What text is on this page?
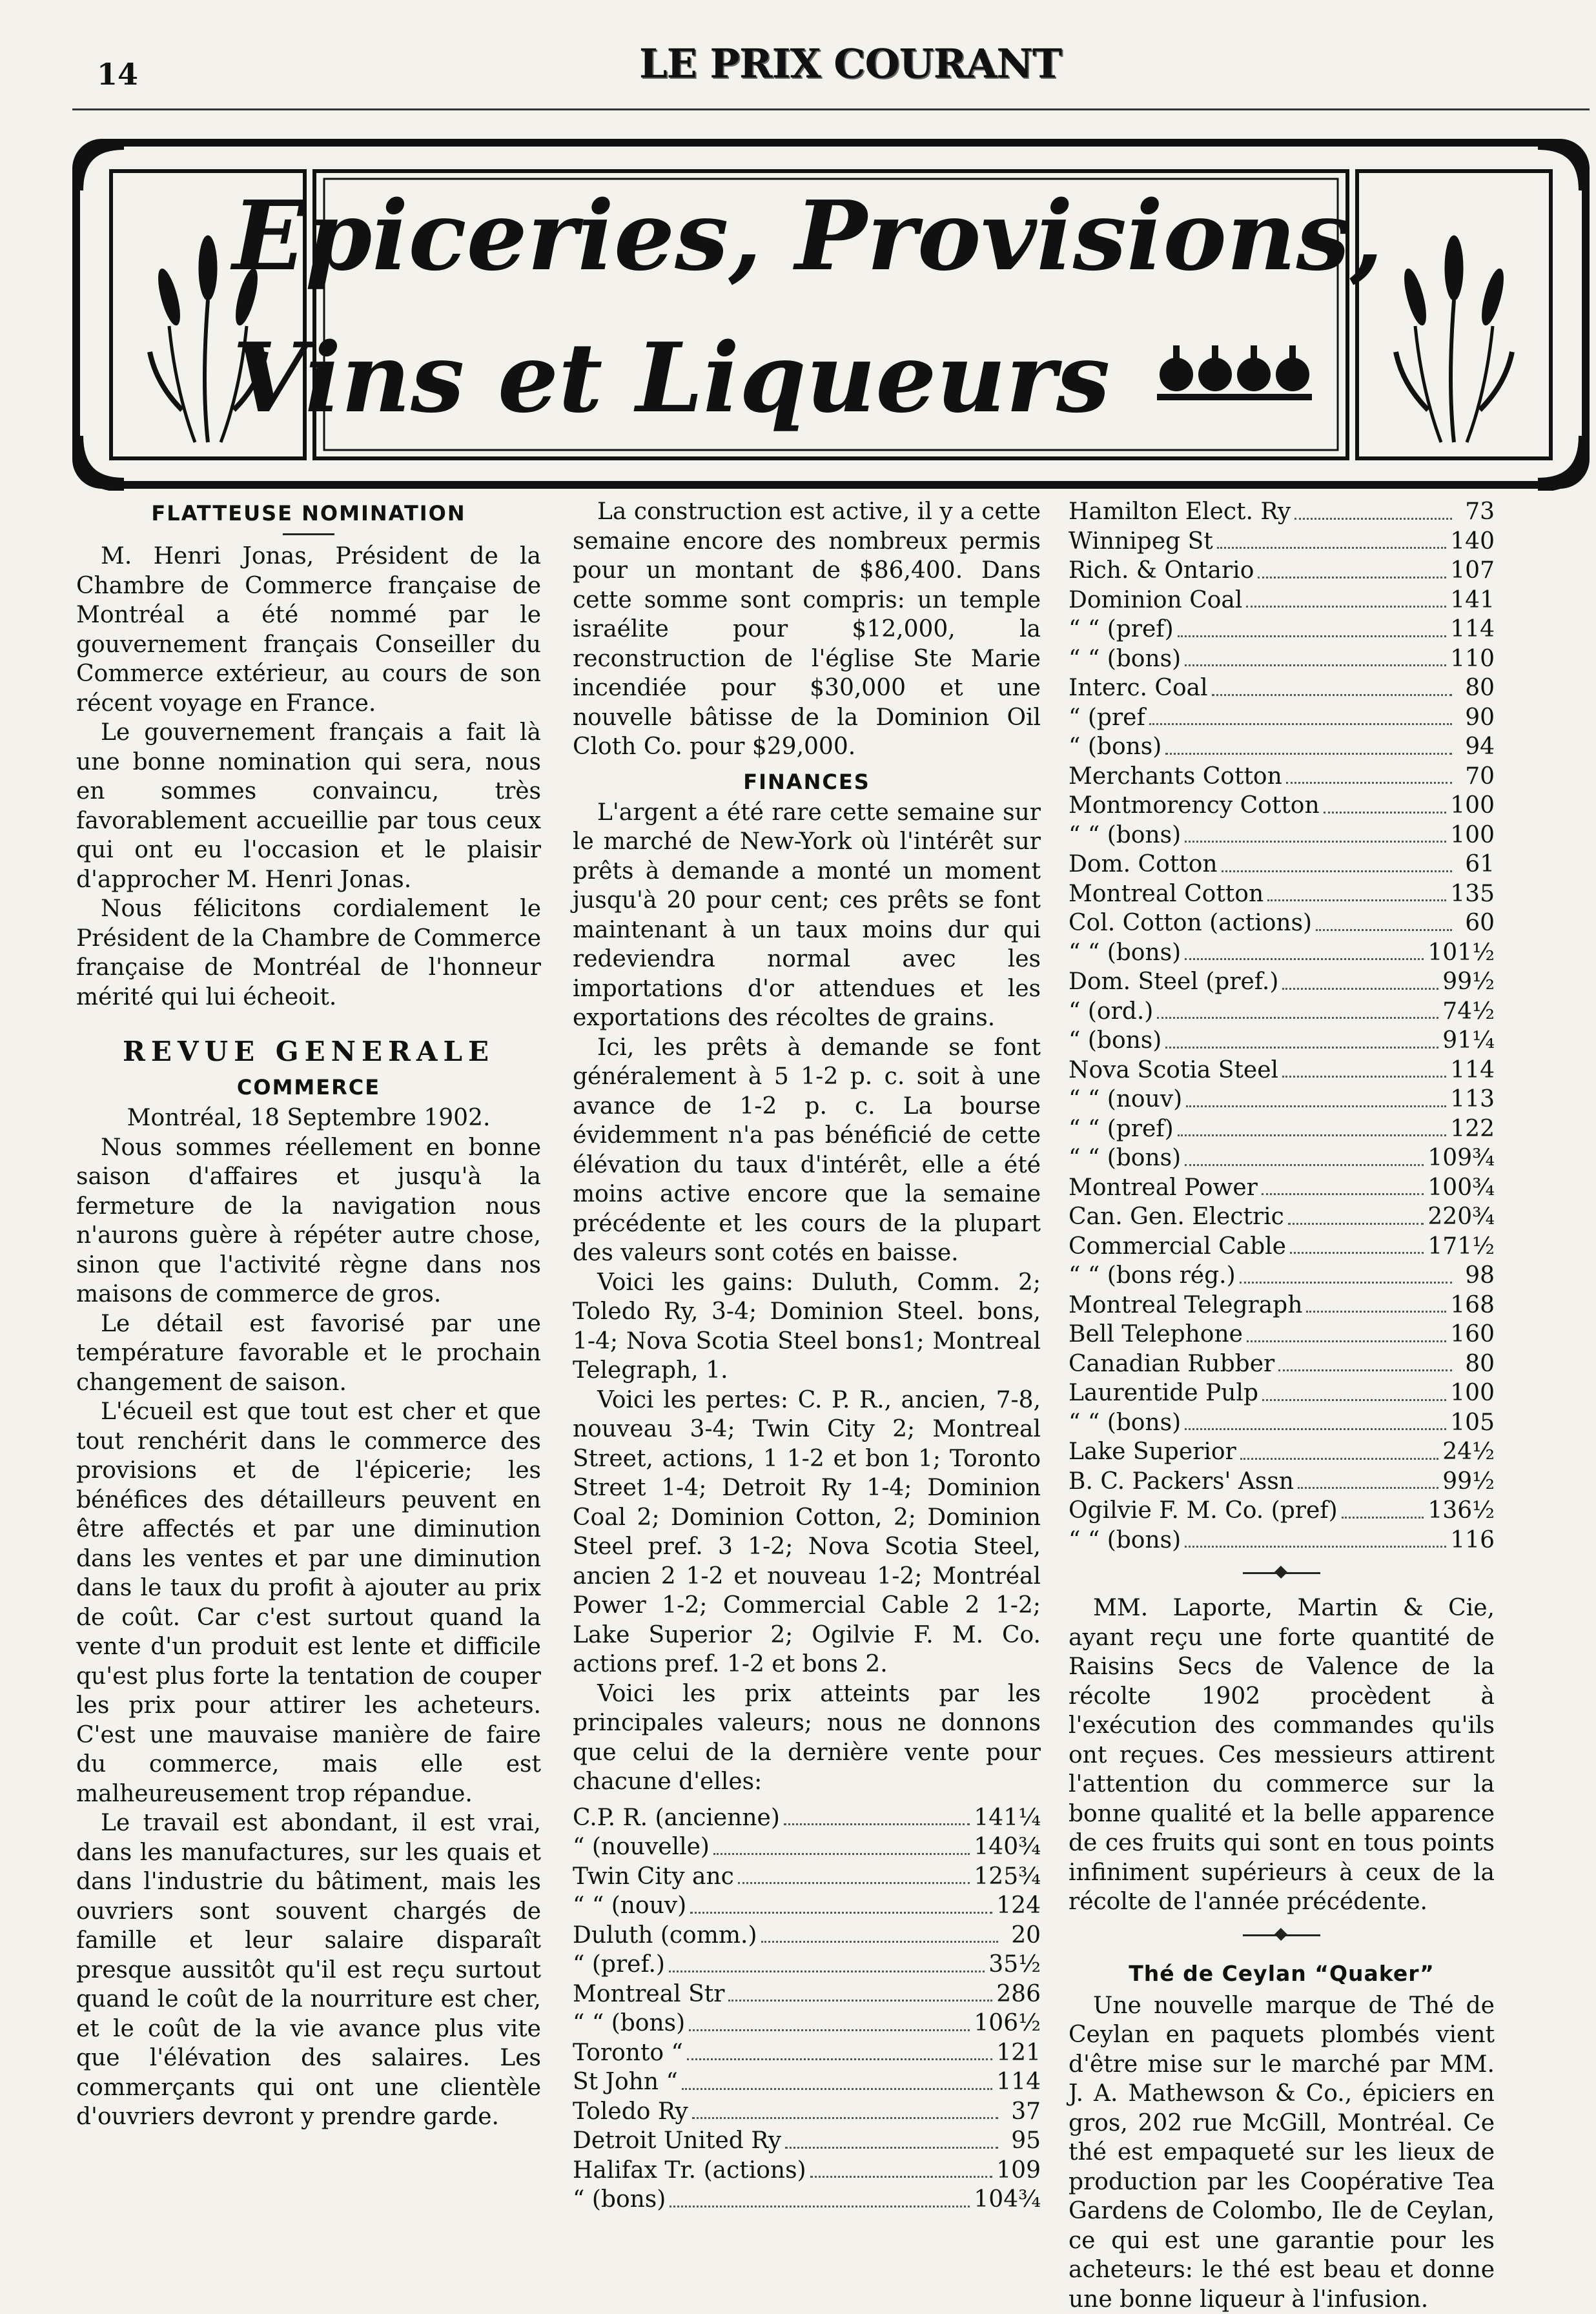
14	LE PRIX COURANT
Epiceries, Provisions,
Vins et Liqueurs
FLATTEUSE NOMINATION

M. Henri Jonas, Président de la Chambre de Commerce française de Montréal a été nommé par le gouvernement français Conseiller du Commerce extérieur, au cours de son récent voyage en France.

Le gouvernement français a fait là une bonne nomination qui sera, nous en sommes convaincu, très favorablement accueillie par tous ceux qui ont eu l'occasion et le plaisir d'approcher M. Henri Jonas.

Nous félicitons cordialement le Président de la Chambre de Commerce française de Montréal de l'honneur mérité qui lui écheoit.

REVUE GENERALE
COMMERCE

Montréal, 18 Septembre 1902.

Nous sommes réellement en bonne saison d'affaires et jusqu'à la fermeture de la navigation nous n'aurons guère à répéter autre chose, sinon que l'activité règne dans nos maisons de commerce de gros.

Le détail est favorisé par une température favorable et le prochain changement de saison.

L'écueil est que tout est cher et que tout renchérit dans le commerce des provisions et de l'épicerie; les bénéfices des détailleurs peuvent en être affectés et par une diminution dans les ventes et par une diminution dans le taux du profit à ajouter au prix de coût. Car c'est surtout quand la vente d'un produit est lente et difficile qu'est plus forte la tentation de couper les prix pour attirer les acheteurs. C'est une mauvaise manière de faire du commerce, mais elle est malheureusement trop répandue.

Le travail est abondant, il est vrai, dans les manufactures, sur les quais et dans l'industrie du bâtiment, mais les ouvriers sont souvent chargés de famille et leur salaire disparaît presque aussitôt qu'il est reçu surtout quand le coût de la nourriture est cher, et le coût de la vie avance plus vite que l'élévation des salaires. Les commerçants qui ont une clientèle d'ouvriers devront y prendre garde.

La construction est active, il y a cette semaine encore des nombreux permis pour un montant de $86,400. Dans cette somme sont compris: un temple israélite pour $12,000, la reconstruction de l'église Ste Marie incendiée pour $30,000 et une nouvelle bâtisse de la Dominion Oil Cloth Co. pour $29,000.

FINANCES

L'argent a été rare cette semaine sur le marché de New-York où l'intérêt sur prêts à demande a monté un moment jusqu'à 20 pour cent; ces prêts se font maintenant à un taux moins dur qui redeviendra normal avec les importations d'or attendues et les exportations des récoltes de grains.

Ici, les prêts à demande se font généralement à 5 1-2 p. c. soit à une avance de 1-2 p. c. La bourse évidemment n'a pas bénéficié de cette élévation du taux d'intérêt, elle a été moins active encore que la semaine précédente et les cours de la plupart des valeurs sont cotés en baisse.

Voici les gains: Duluth, Comm. 2; Toledo Ry, 3-4; Dominion Steel. bons, 1-4; Nova Scotia Steel bons1; Montreal Telegraph, 1.

Voici les pertes: C. P. R., ancien, 7-8, nouveau 3-4; Twin City 2; Montreal Street, actions, 1 1-2 et bon 1; Toronto Street 1-4; Detroit Ry 1-4; Dominion Coal 2; Dominion Cotton, 2; Dominion Steel pref. 3 1-2; Nova Scotia Steel, ancien 2 1-2 et nouveau 1-2; Montréal Power 1-2; Commercial Cable 2 1-2; Lake Superior 2; Ogilvie F. M. Co. actions pref. 1-2 et bons 2.

Voici les prix atteints par les principales valeurs; nous ne donnons que celui de la dernière vente pour chacune d'elles:

C.P. R. (ancienne)	141¼
“ (nouvelle)	140¾
Twin City anc	125¾
“ “ (nouv)	124
Duluth (comm.)	20
“ (pref.)	35½
Montreal Str	286
“ “ (bons)	106½
Toronto “	121
St John “	114
Toledo Ry	37
Detroit United Ry	95
Halifax Tr. (actions)	109
“ (bons)	104¾
Hamilton Elect. Ry	73
Winnipeg St	140
Rich. & Ontario	107
Dominion Coal	141
“ “ (pref)	114
“ “ (bons)	110
Interc. Coal	80
“ (pref	90
“ (bons)	94
Merchants Cotton	70
Montmorency Cotton	100
“ “ (bons)	100
Dom. Cotton	61
Montreal Cotton	135
Col. Cotton (actions)	60
“ “ (bons)	101½
Dom. Steel (pref.)	99½
“ (ord.)	74½
“ (bons)	91¼
Nova Scotia Steel	114
“ “ (nouv)	113
“ “ (pref)	122
“ “ (bons)	109¾
Montreal Power	100¾
Can. Gen. Electric	220¾
Commercial Cable	171½
“ “ (bons rég.)	98
Montreal Telegraph	168
Bell Telephone	160
Canadian Rubber	80
Laurentide Pulp	100
“ “ (bons)	105
Lake Superior	24½
B. C. Packers' Assn	99½
Ogilvie F. M. Co. (pref)	136½
“ “ (bons)	116

MM. Laporte, Martin & Cie, ayant reçu une forte quantité de Raisins Secs de Valence de la récolte 1902 procèdent à l'exécution des commandes qu'ils ont reçues. Ces messieurs attirent l'attention du commerce sur la bonne qualité et la belle apparence de ces fruits qui sont en tous points infiniment supérieurs à ceux de la récolte de l'année précédente.

Thé de Ceylan “Quaker”

Une nouvelle marque de Thé de Ceylan en paquets plombés vient d'être mise sur le marché par MM. J. A. Mathewson & Co., épiciers en gros, 202 rue McGill, Montréal. Ce thé est empaqueté sur les lieux de production par les Coopérative Tea Gardens de Colombo, Ile de Ceylan, ce qui est une garantie pour les acheteurs: le thé est beau et donne une bonne liqueur à l'infusion.
